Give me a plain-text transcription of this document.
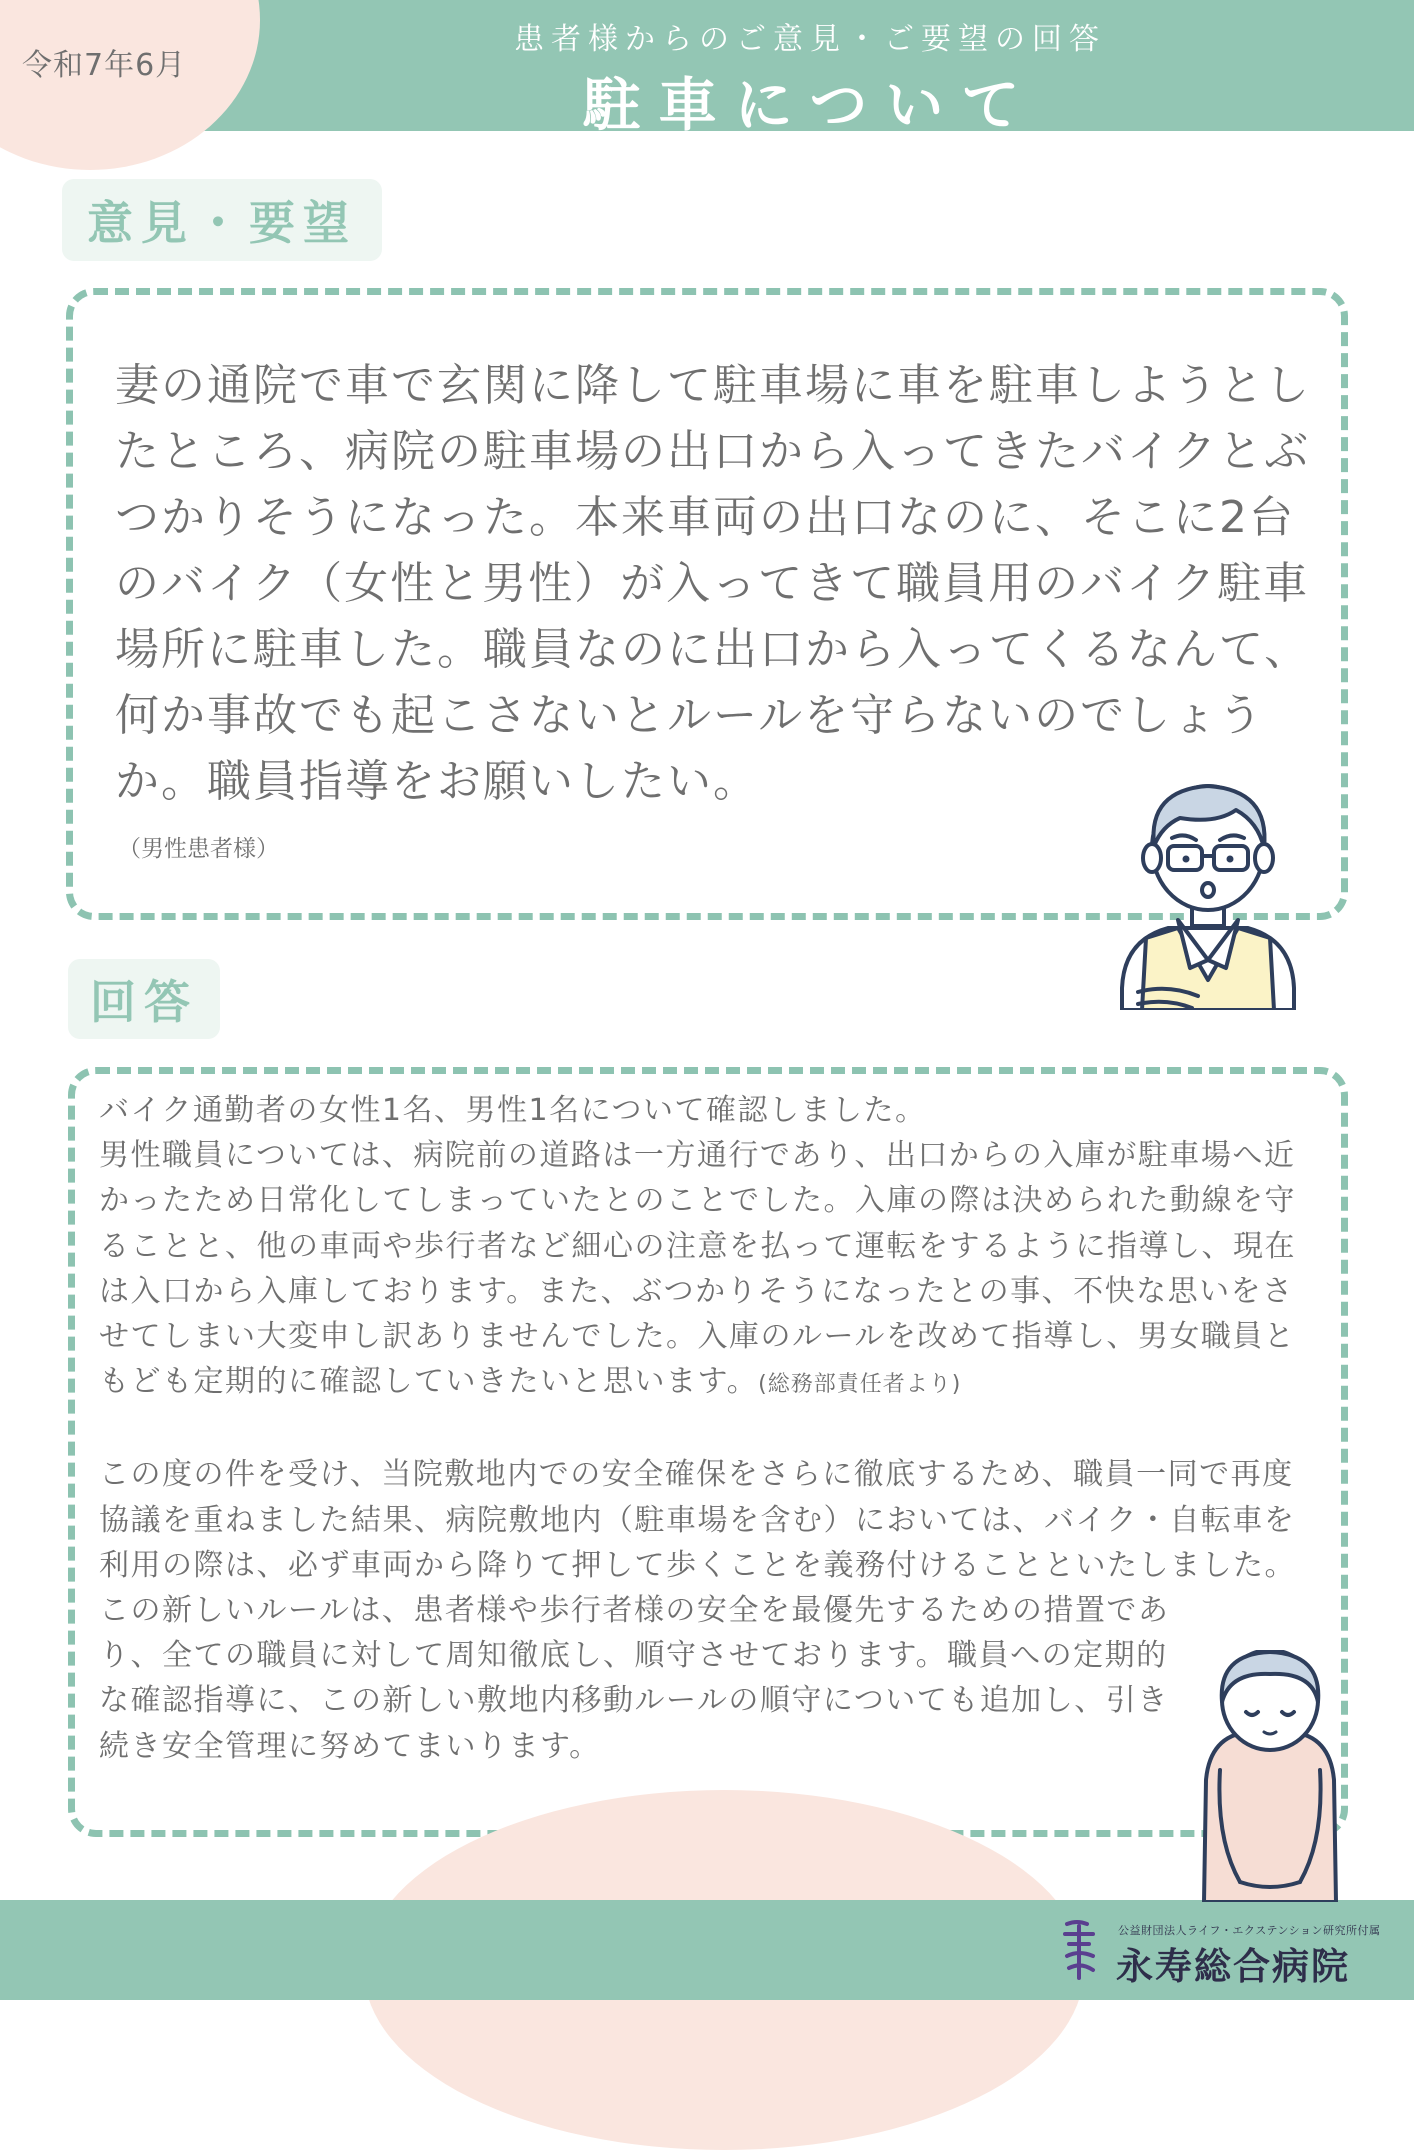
令和7年6月
患者様からのご意見・ご要望の回答
駐車について
意見・要望
妻の通院で車で玄関に降して駐車場に車を駐車しようとしたところ、病院の駐車場の出口から入ってきたバイクとぶつかりそうになった。本来車両の出口なのに、そこに2台のバイク（女性と男性）が入ってきて職員用のバイク駐車場所に駐車した。職員なのに出口から入ってくるなんて、何か事故でも起こさないとルールを守らないのでしょうか。職員指導をお願いしたい。
（男性患者様）
回答

バイク通勤者の女性1名、男性1名について確認しました。

男性職員については、病院前の道路は一方通行であり、出口からの入庫が駐車場へ近かったため日常化してしまっていたとのことでした。入庫の際は決められた動線を守ることと、他の車両や歩行者など細心の注意を払って運転をするように指導し、現在は入口から入庫しております。また、ぶつかりそうになったとの事、不快な思いをさせてしまい大変申し訳ありませんでした。入庫のルールを改めて指導し、男女職員ともども定期的に確認していきたいと思います。(総務部責任者より)

この度の件を受け、当院敷地内での安全確保をさらに徹底するため、職員一同で再度協議を重ねました結果、病院敷地内（駐車場を含む）においては、バイク・自転車を利用の際は、必ず車両から降りて押して歩くことを義務付けることといたしました。

この新しいルールは、患者様や歩行者様の安全を最優先するための措置であり、全ての職員に対して周知徹底し、順守させております。職員への定期的な確認指導に、この新しい敷地内移動ルールの順守についても追加し、引き続き安全管理に努めてまいります。

公益財団法人ライフ・エクステンション研究所付属
永寿総合病院
